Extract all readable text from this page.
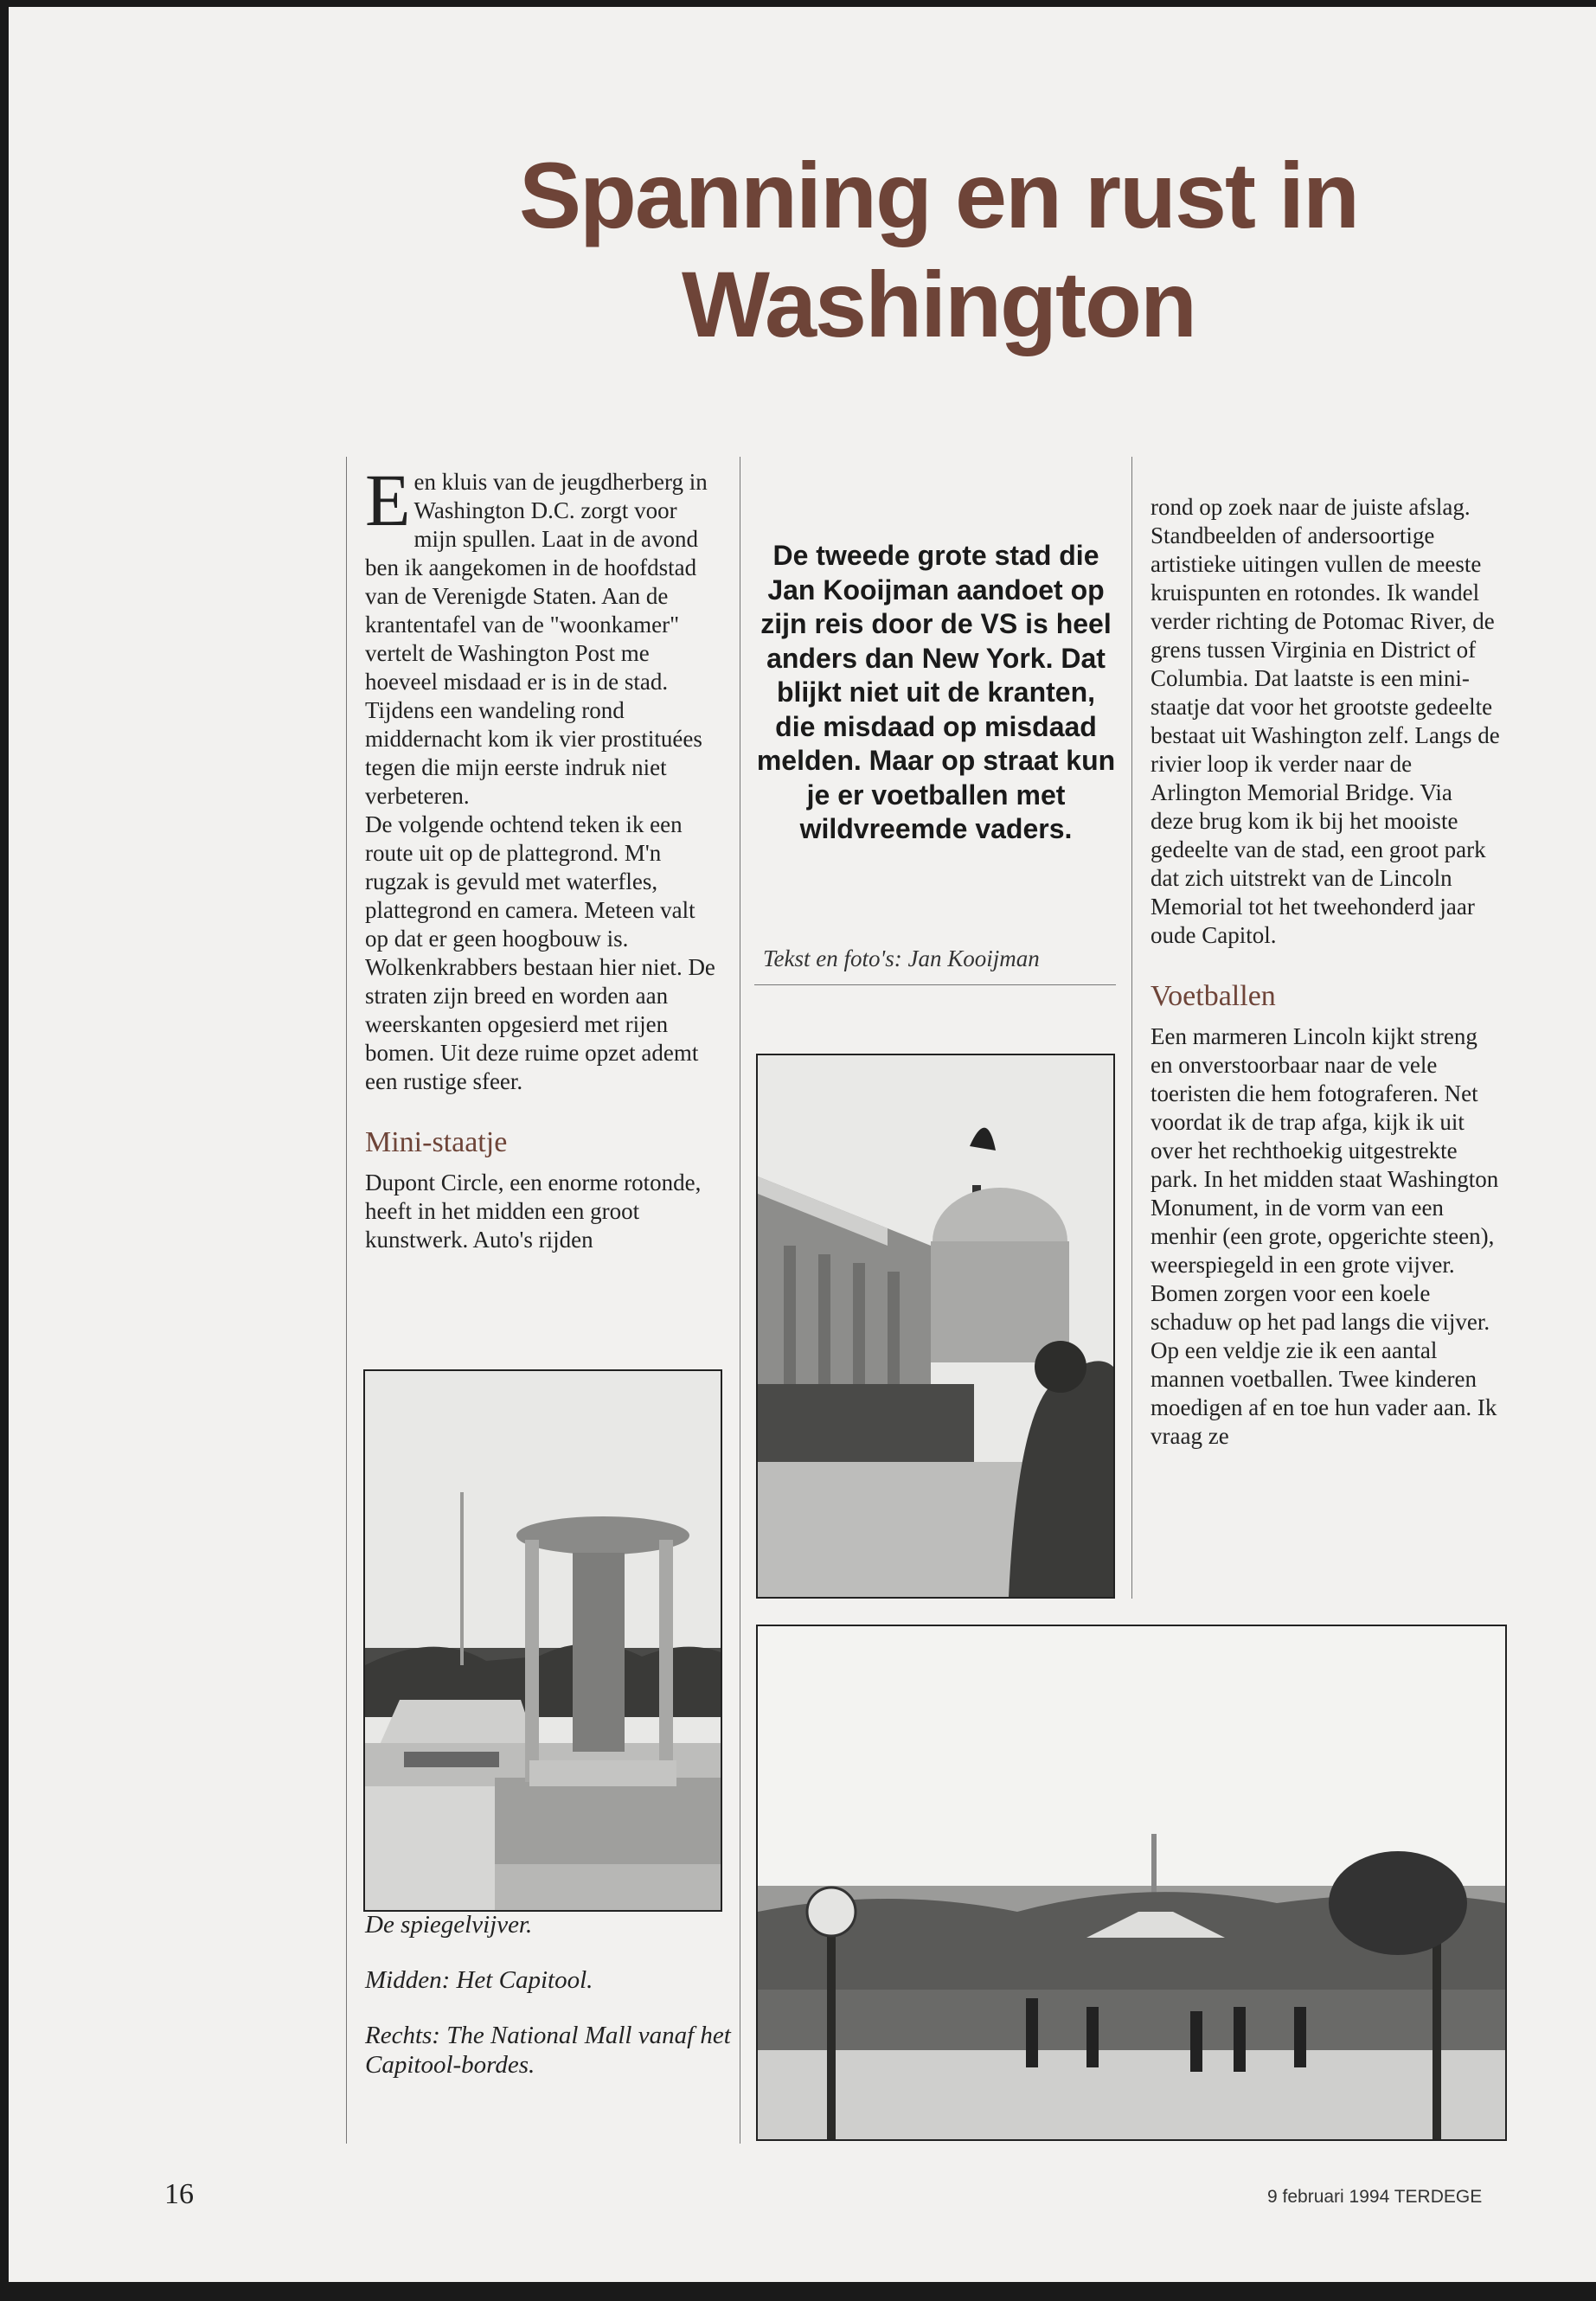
Spanning en rust in
Washington

Een kluis van de jeugdherberg in Washington D.C. zorgt voor mijn spullen. Laat in de avond ben ik aangekomen in de hoofdstad van de Verenigde Staten. Aan de krantentafel van de "woonkamer" vertelt de Washington Post me hoeveel misdaad er is in de stad. Tijdens een wandeling rond middernacht kom ik vier prostituées tegen die mijn eerste indruk niet verbeteren.

De volgende ochtend teken ik een route uit op de plattegrond. M'n rugzak is gevuld met waterfles, plattegrond en camera. Meteen valt op dat er geen hoogbouw is. Wolkenkrabbers bestaan hier niet. De straten zijn breed en worden aan weerskanten opgesierd met rijen bomen. Uit deze ruime opzet ademt een rustige sfeer.

Mini-staatje

Dupont Circle, een enorme rotonde, heeft in het midden een groot kunstwerk. Auto's rijden

De tweede grote stad die Jan Kooijman aandoet op zijn reis door de VS is heel anders dan New York. Dat blijkt niet uit de kranten, die misdaad op misdaad melden. Maar op straat kun je er voetballen met wildvreemde vaders.
Tekst en foto's: Jan Kooijman

rond op zoek naar de juiste afslag. Standbeelden of andersoortige artistieke uitingen vullen de meeste kruispunten en rotondes. Ik wandel verder richting de Potomac River, de grens tussen Virginia en District of Columbia. Dat laatste is een mini-staatje dat voor het grootste gedeelte bestaat uit Washington zelf. Langs de rivier loop ik verder naar de Arlington Memorial Bridge. Via deze brug kom ik bij het mooiste gedeelte van de stad, een groot park dat zich uitstrekt van de Lincoln Memorial tot het tweehonderd jaar oude Capitol.

Voetballen

Een marmeren Lincoln kijkt streng en onverstoorbaar naar de vele toeristen die hem fotograferen. Net voordat ik de trap afga, kijk ik uit over het rechthoekig uitgestrekte park. In het midden staat Washington Monument, in de vorm van een menhir (een grote, opgerichte steen), weerspiegeld in een grote vijver.

Bomen zorgen voor een koele schaduw op het pad langs die vijver. Op een veldje zie ik een aantal mannen voetballen. Twee kinderen moedigen af en toe hun vader aan. Ik vraag ze

De spiegelvijver.

Midden: Het Capitool.

Rechts: The National Mall vanaf het Capitool-bordes.

16	9 februari 1994 TERDEGE
